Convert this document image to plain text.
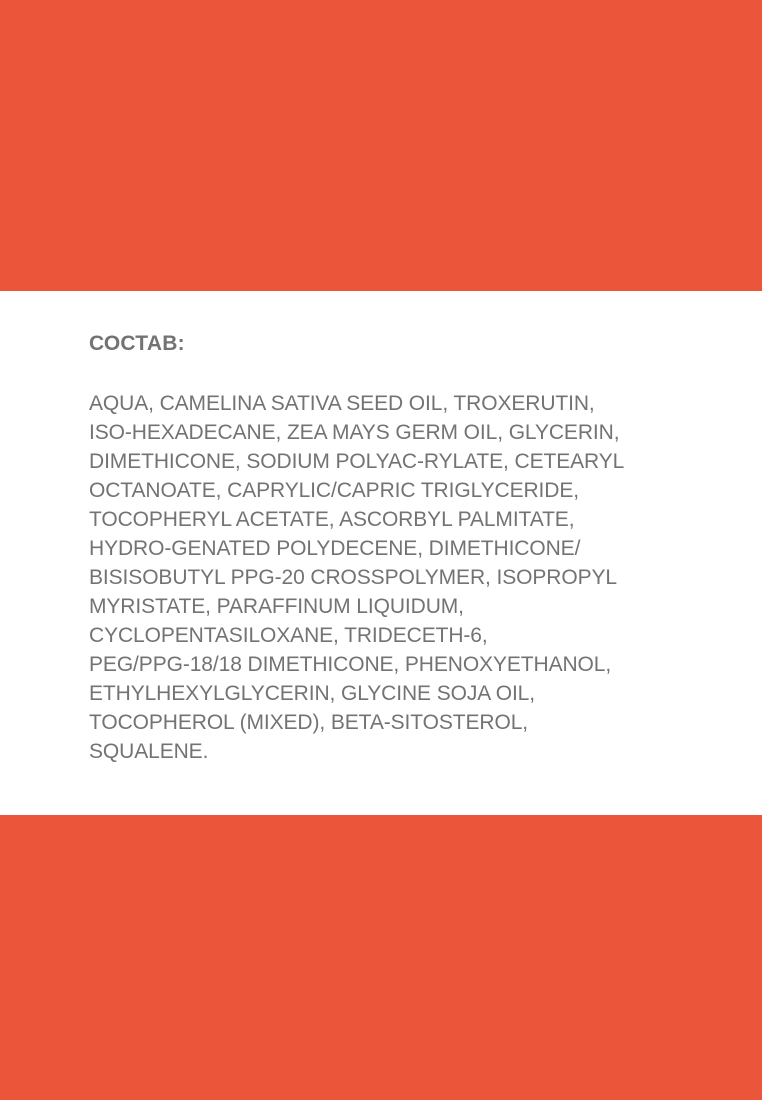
СОСТАВ:
AQUA, CAMELINA SATIVA SEED OIL, TROXERUTIN,
ISO-HEXADECANE, ZEA MAYS GERM OIL, GLYCERIN,
DIMETHICONE, SODIUM POLYAC-RYLATE, CETEARYL
OCTANOATE, CAPRYLIC/CAPRIC TRIGLYCERIDE,
TOCOPHERYL ACETATE, ASCORBYL PALMITATE,
HYDRO-GENATED POLYDECENE, DIMETHICONE/
BISISOBUTYL PPG-20 CROSSPOLYMER, ISOPROPYL
MYRISTATE, PARAFFINUM LIQUIDUM,
CYCLOPENTASILOXANE, TRIDECETH-6,
PEG/PPG-18/18 DIMETHICONE, PHENOXYETHANOL,
ETHYLHEXYLGLYCERIN, GLYCINE SOJA OIL,
TOCOPHEROL (MIXED), BETA-SITOSTEROL,
SQUALENE.
